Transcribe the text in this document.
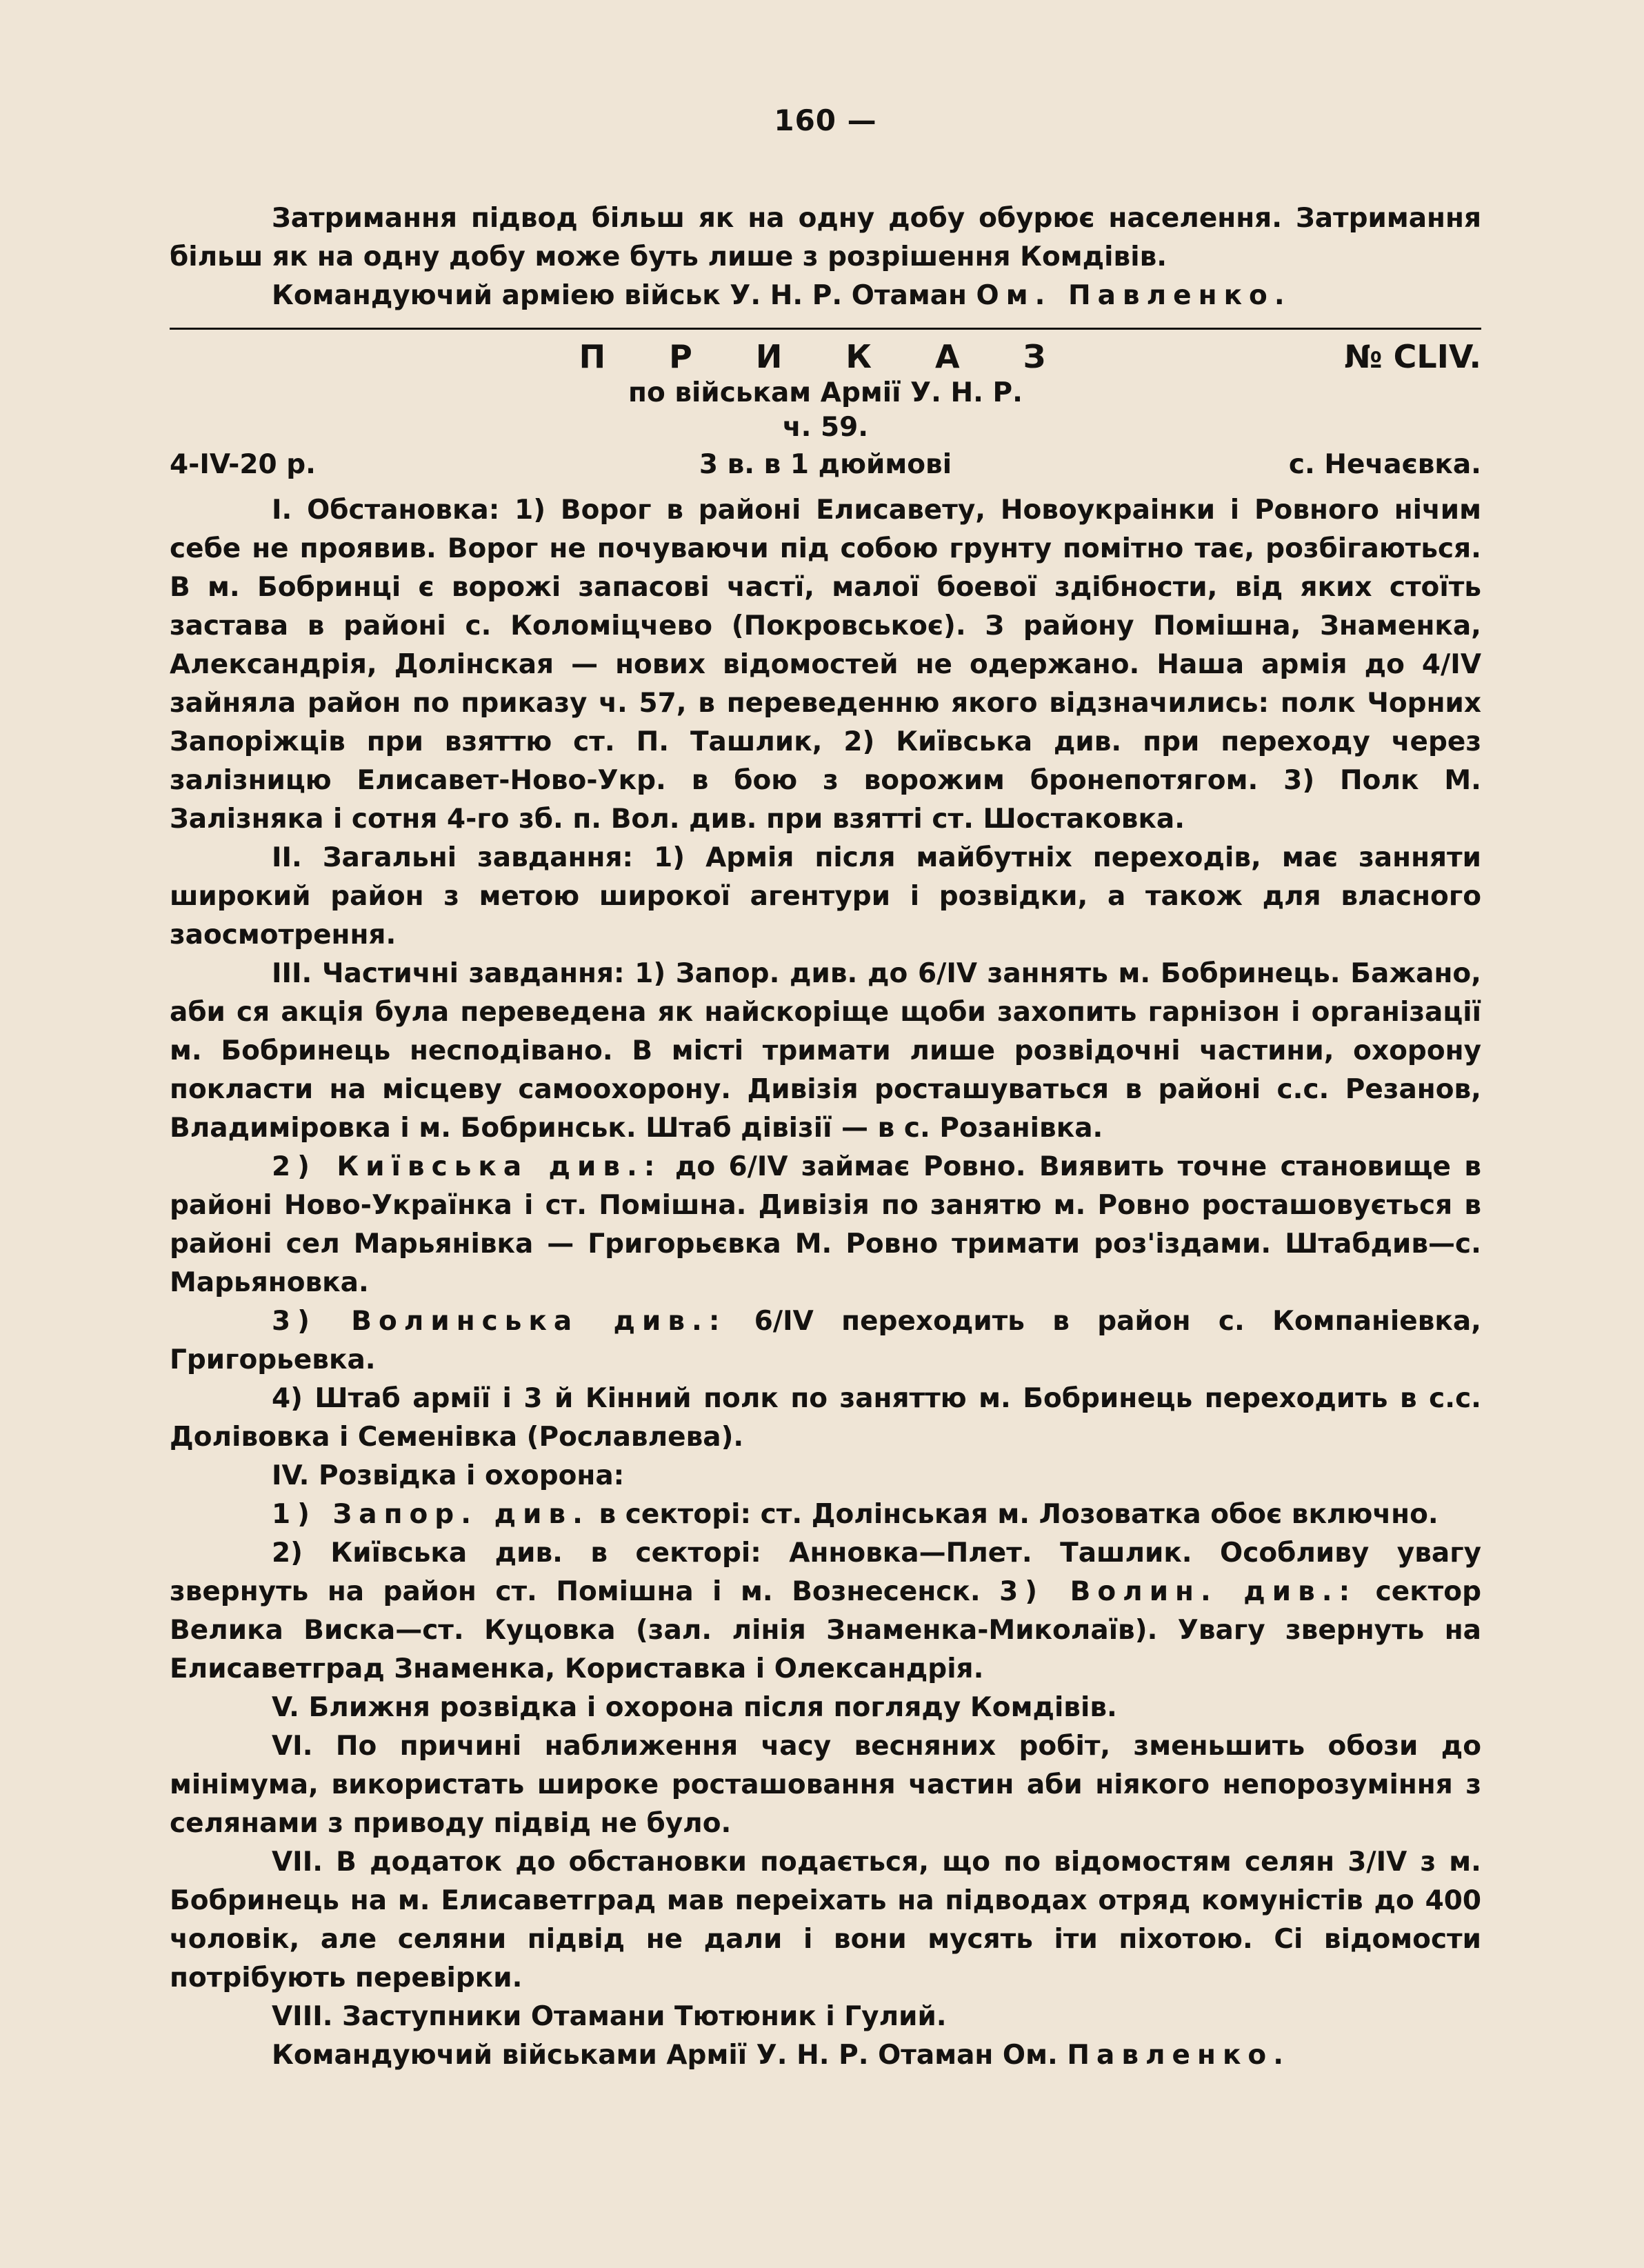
160 —

Затримання підвод більш як на одну добу обурює населення. Затримання більш як на одну добу може буть лише з розрішення Комдівів.

Командуючий арміею військ У. Н. Р. Отаман Ом. Павленко.

П Р И К А З	№ CLIV.
по військам Армії У. Н. Р.
ч. 59.
4-IV-20 р.	3 в. в 1 дюймові	с. Нечаєвка.

I. Обстановка: 1) Ворог в районі Елисавету, Новоукраінки і Ровного нічим себе не проявив. Ворог не почуваючи під собою грунту помітно тає, розбігаються. В м. Бобринці є ворожі запасові частї, малої боевої здібности, від яких стоїть застава в районі с. Коломіцчево (Покровськоє). З району Помішна, Знаменка, Александрія, Долінская — нових відомостей не одержано. Наша армія до 4/IV зайняла район по приказу ч. 57, в переведенню якого відзначились: полк Чорних Запоріжців при взяттю ст. П. Ташлик, 2) Київська див. при переходу через залізницю Елисавет-Ново-Укр. в бою з ворожим бронепотягом. 3) Полк М. Залізняка і сотня 4-го зб. п. Вол. див. при взятті ст. Шостаковка.

II. Загальні завдання: 1) Армія після майбутніх переходів, має занняти широкий район з метою широкої агентури і розвідки, а також для власного заосмотрення.

III. Частичні завдання: 1) Запор. див. до 6/IV заннять м. Бобринець. Бажано, аби ся акція була переведена як найскоріще щоби захопить гарнізон і організації м. Бобринець несподівано. В місті тримати лише розвідочні частини, охорону покласти на місцеву самоохорону. Дивізія росташуваться в районі с.с. Резанов, Владиміровка і м. Бобринськ. Штаб дівізії — в с. Розанівка.

2) Київська див.: до 6/IV займає Ровно. Виявить точне становище в районі Ново-Українка і ст. Помішна. Дивізія по занятю м. Ровно росташовується в районі сел Марьянівка — Григорьєвка М. Ровно тримати роз'іздами. Штабдив—с. Марьяновка.

3) Волинська див.: 6/IV переходить в район с. Компаніевка, Григорьевка.

4) Штаб армії і 3 й Кінний полк по заняттю м. Бобринець переходить в с.с. Долівовка і Семенівка (Рославлева).

IV. Розвідка і охорона:

1) Запор. див. в секторі: ст. Долінськая м. Лозоватка обоє включно.

2) Київська див. в секторі: Анновка—Плет. Ташлик. Особливу увагу звернуть на район ст. Помішна і м. Вознесенск. 3) Волин. див.: сектор Велика Виска—ст. Куцовка (зал. лінія Знаменка-Миколаїв). Увагу звернуть на Елисаветград Знаменка, Користавка і Олександрія.

V. Ближня розвідка і охорона після погляду Комдівів.

VI. По причині наближення часу весняних робіт, зменьшить обози до мінімума, використать широке росташовання частин аби ніякого непорозуміння з селянами з приводу підвід не було.

VII. В додаток до обстановки подається, що по відомостям селян 3/IV з м. Бобринець на м. Елисаветград мав переіхать на підводах отряд комуністів до 400 чоловік, але селяни підвід не дали і вони мусять іти піхотою. Сі відомости потрібують перевірки.

VIII. Заступники Отамани Тютюник і Гулий.

Командуючий військами Армії У. Н. Р. Отаман Ом. Павленко.
